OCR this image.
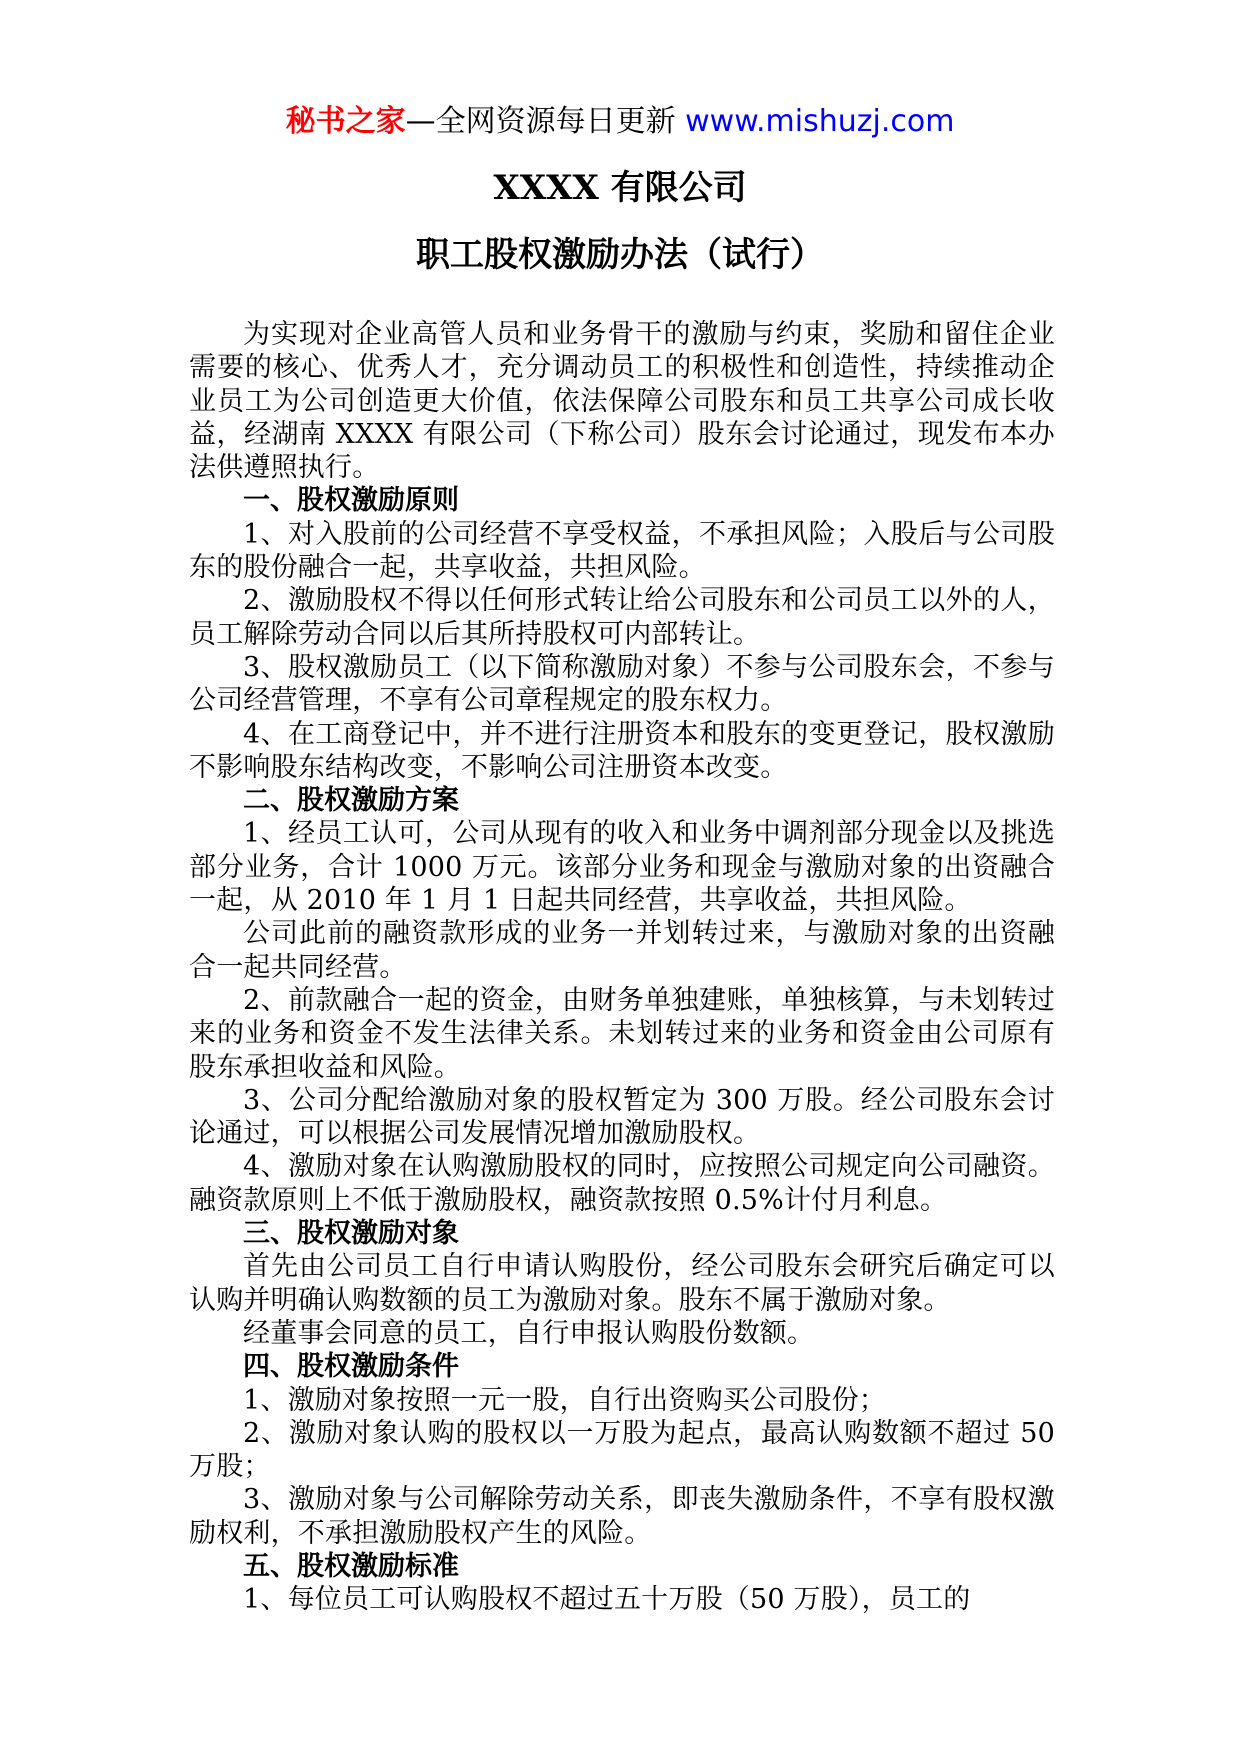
秘书之家—全网资源每日更新 www.mishuzj.com
XXXX 有限公司
职工股权激励办法（试行）

为实现对企业高管人员和业务骨干的激励与约束，奖励和留住企业需要的核心、优秀人才，充分调动员工的积极性和创造性，持续推动企业员工为公司创造更大价值，依法保障公司股东和员工共享公司成长收益，经湖南 XXXX 有限公司（下称公司）股东会讨论通过，现发布本办法供遵照执行。

一、股权激励原则

1、对入股前的公司经营不享受权益，不承担风险；入股后与公司股东的股份融合一起，共享收益，共担风险。

2、激励股权不得以任何形式转让给公司股东和公司员工以外的人，员工解除劳动合同以后其所持股权可内部转让。

3、股权激励员工（以下简称激励对象）不参与公司股东会，不参与公司经营管理，不享有公司章程规定的股东权力。

4、在工商登记中，并不进行注册资本和股东的变更登记，股权激励不影响股东结构改变，不影响公司注册资本改变。

二、股权激励方案

1、经员工认可，公司从现有的收入和业务中调剂部分现金以及挑选部分业务，合计 1000 万元。该部分业务和现金与激励对象的出资融合一起，从 2010 年 1 月 1 日起共同经营，共享收益，共担风险。

公司此前的融资款形成的业务一并划转过来，与激励对象的出资融合一起共同经营。

2、前款融合一起的资金，由财务单独建账，单独核算，与未划转过来的业务和资金不发生法律关系。未划转过来的业务和资金由公司原有股东承担收益和风险。

3、公司分配给激励对象的股权暂定为 300 万股。经公司股东会讨论通过，可以根据公司发展情况增加激励股权。

4、激励对象在认购激励股权的同时，应按照公司规定向公司融资。融资款原则上不低于激励股权，融资款按照 0.5%计付月利息。

三、股权激励对象

首先由公司员工自行申请认购股份，经公司股东会研究后确定可以认购并明确认购数额的员工为激励对象。股东不属于激励对象。

经董事会同意的员工，自行申报认购股份数额。

四、股权激励条件

1、激励对象按照一元一股，自行出资购买公司股份；

2、激励对象认购的股权以一万股为起点，最高认购数额不超过 50 万股；

3、激励对象与公司解除劳动关系，即丧失激励条件，不享有股权激励权利，不承担激励股权产生的风险。

五、股权激励标准

1、每位员工可认购股权不超过五十万股（50 万股），员工的
